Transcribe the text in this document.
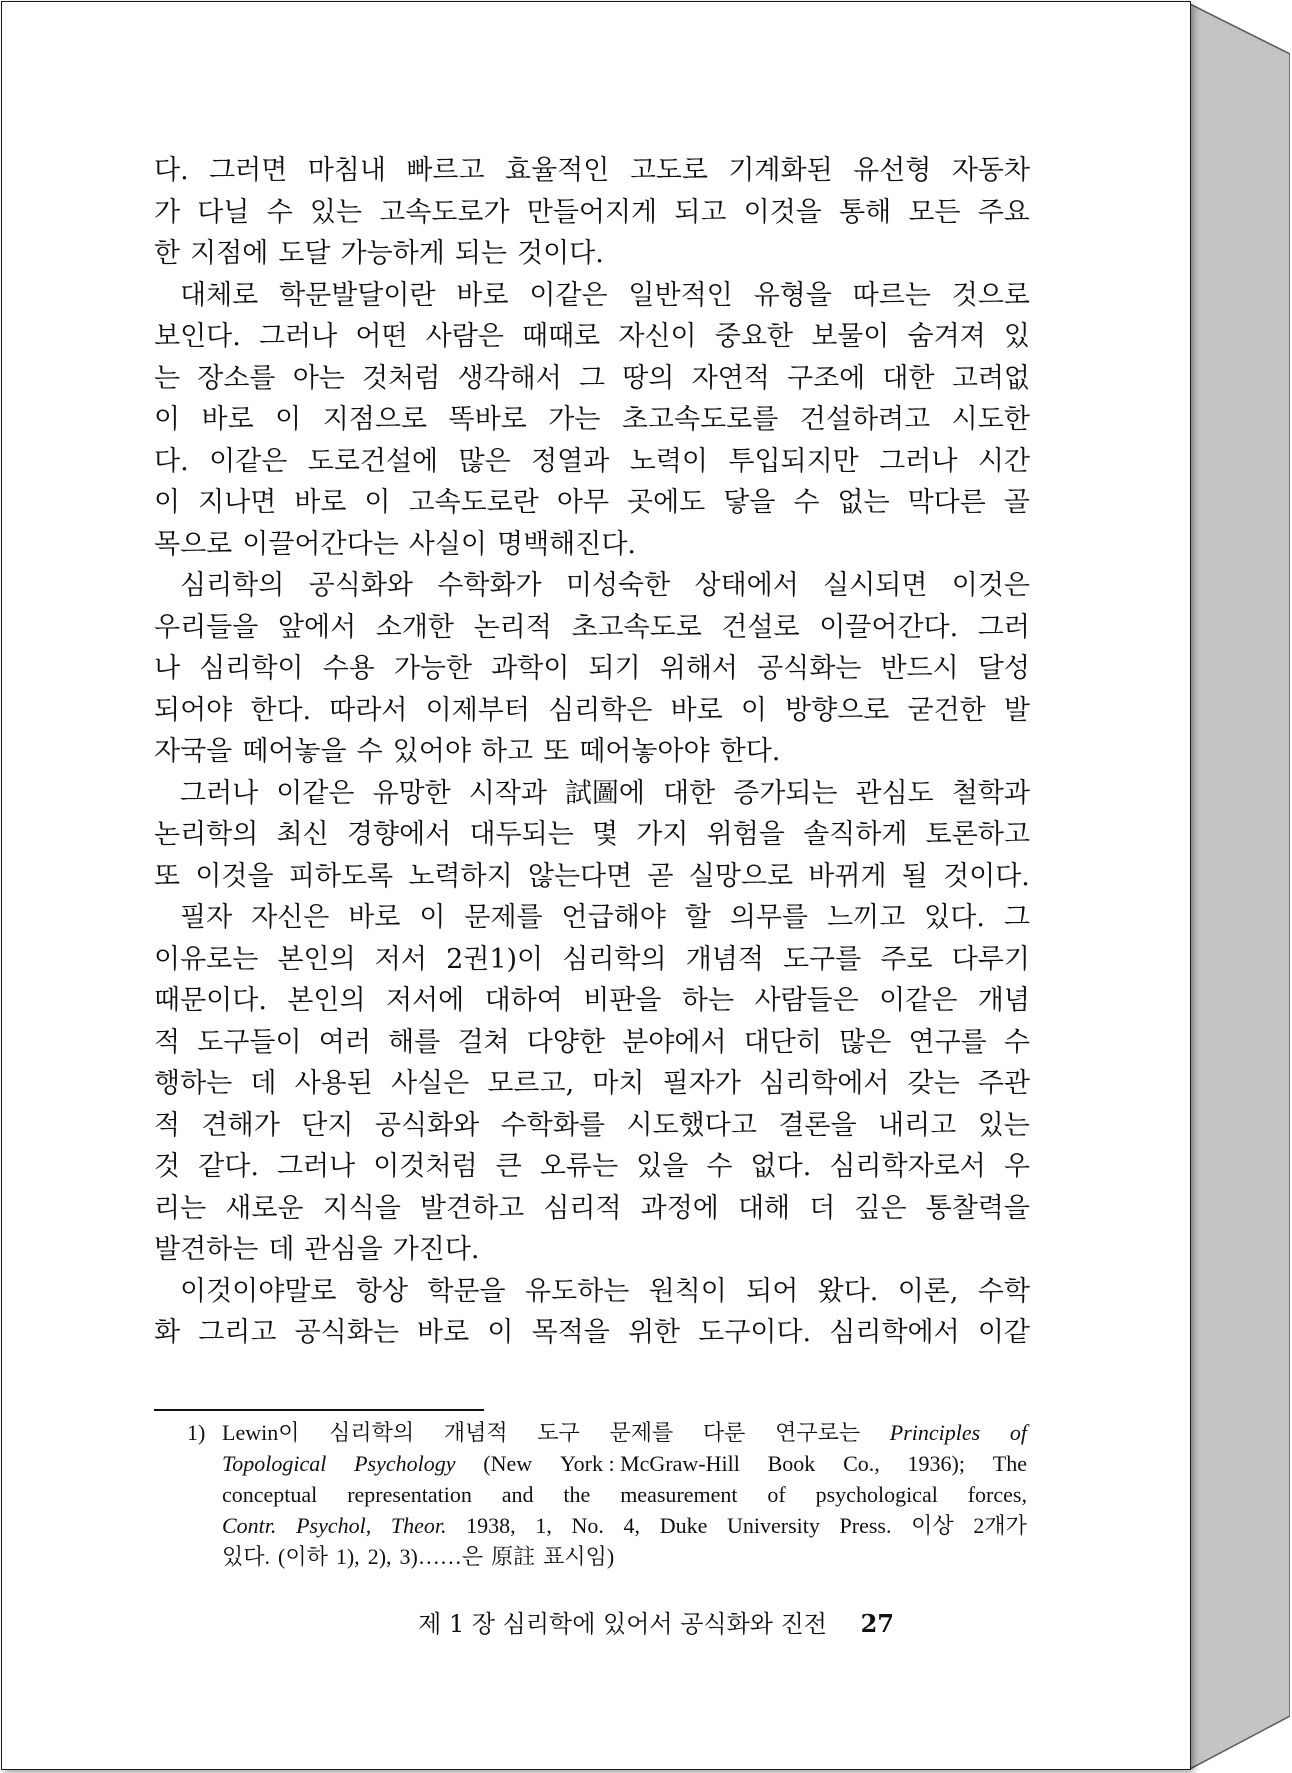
다. 그러면 마침내 빠르고 효율적인 고도로 기계화된 유선형 자동차
가 다닐 수 있는 고속도로가 만들어지게 되고 이것을 통해 모든 주요
한 지점에 도달 가능하게 되는 것이다.
대체로 학문발달이란 바로 이같은 일반적인 유형을 따르는 것으로
보인다. 그러나 어떤 사람은 때때로 자신이 중요한 보물이 숨겨져 있
는 장소를 아는 것처럼 생각해서 그 땅의 자연적 구조에 대한 고려없
이 바로 이 지점으로 똑바로 가는 초고속도로를 건설하려고 시도한
다. 이같은 도로건설에 많은 정열과 노력이 투입되지만 그러나 시간
이 지나면 바로 이 고속도로란 아무 곳에도 닿을 수 없는 막다른 골
목으로 이끌어간다는 사실이 명백해진다.
심리학의 공식화와 수학화가 미성숙한 상태에서 실시되면 이것은
우리들을 앞에서 소개한 논리적 초고속도로 건설로 이끌어간다. 그러
나 심리학이 수용 가능한 과학이 되기 위해서 공식화는 반드시 달성
되어야 한다. 따라서 이제부터 심리학은 바로 이 방향으로 굳건한 발
자국을 떼어놓을 수 있어야 하고 또 떼어놓아야 한다.
그러나 이같은 유망한 시작과 試圖에 대한 증가되는 관심도 철학과
논리학의 최신 경향에서 대두되는 몇 가지 위험을 솔직하게 토론하고
또 이것을 피하도록 노력하지 않는다면 곧 실망으로 바뀌게 될 것이다.
필자 자신은 바로 이 문제를 언급해야 할 의무를 느끼고 있다. 그
이유로는 본인의 저서 2권1)이 심리학의 개념적 도구를 주로 다루기
때문이다. 본인의 저서에 대하여 비판을 하는 사람들은 이같은 개념
적 도구들이 여러 해를 걸쳐 다양한 분야에서 대단히 많은 연구를 수
행하는 데 사용된 사실은 모르고, 마치 필자가 심리학에서 갖는 주관
적 견해가 단지 공식화와 수학화를 시도했다고 결론을 내리고 있는
것 같다. 그러나 이것처럼 큰 오류는 있을 수 없다. 심리학자로서 우
리는 새로운 지식을 발견하고 심리적 과정에 대해 더 깊은 통찰력을
발견하는 데 관심을 가진다.
이것이야말로 항상 학문을 유도하는 원칙이 되어 왔다. 이론, 수학
화 그리고 공식화는 바로 이 목적을 위한 도구이다. 심리학에서 이같
1) Lewin이 심리학의 개념적 도구 문제를 다룬 연구로는 Principles of
Topological Psychology (New York : McGraw-Hill Book Co., 1936); The
conceptual representation and the measurement of psychological forces,
Contr. Psychol, Theor. 1938, 1, No. 4, Duke University Press. 이상 2개가
있다. (이하 1), 2), 3)……은 原註 표시임)
제 1 장 심리학에 있어서 공식화와 진전 27
